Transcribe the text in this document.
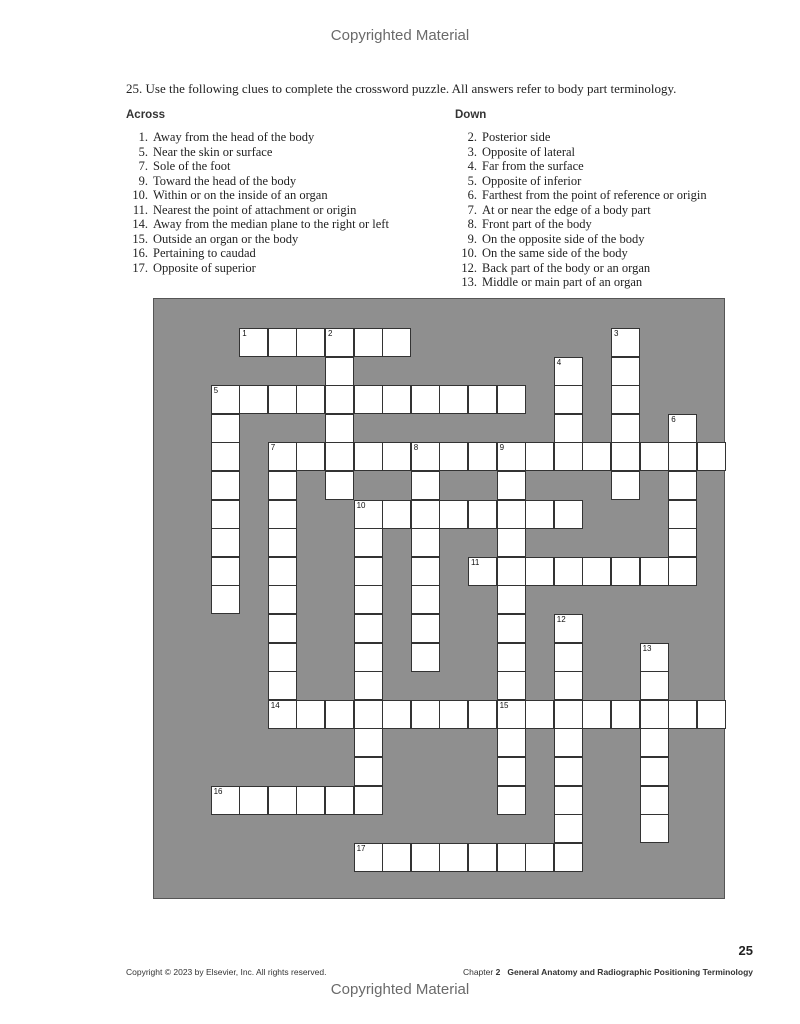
Copyrighted Material
25. Use the following clues to complete the crossword puzzle. All answers refer to body part terminology.
Across	Down
1. Away from the head of the body
5. Near the skin or surface
7. Sole of the foot
9. Toward the head of the body
10. Within or on the inside of an organ
11. Nearest the point of attachment or origin
14. Away from the median plane to the right or left
15. Outside an organ or the body
16. Pertaining to caudad
17. Opposite of superior
2. Posterior side
3. Opposite of lateral
4. Far from the surface
5. Opposite of inferior
6. Farthest from the point of reference or origin
7. At or near the edge of a body part
8. Front part of the body
9. On the opposite side of the body
10. On the same side of the body
12. Back part of the body or an organ
13. Middle or main part of an organ
1	2	3
4
5
6
7	8
14
9
15
10
11
12
13
16
17
25
Copyright © 2023 by Elsevier, Inc. All rights reserved.	Chapter 2 General Anatomy and Radiographic Positioning Terminology
Copyrighted Material
